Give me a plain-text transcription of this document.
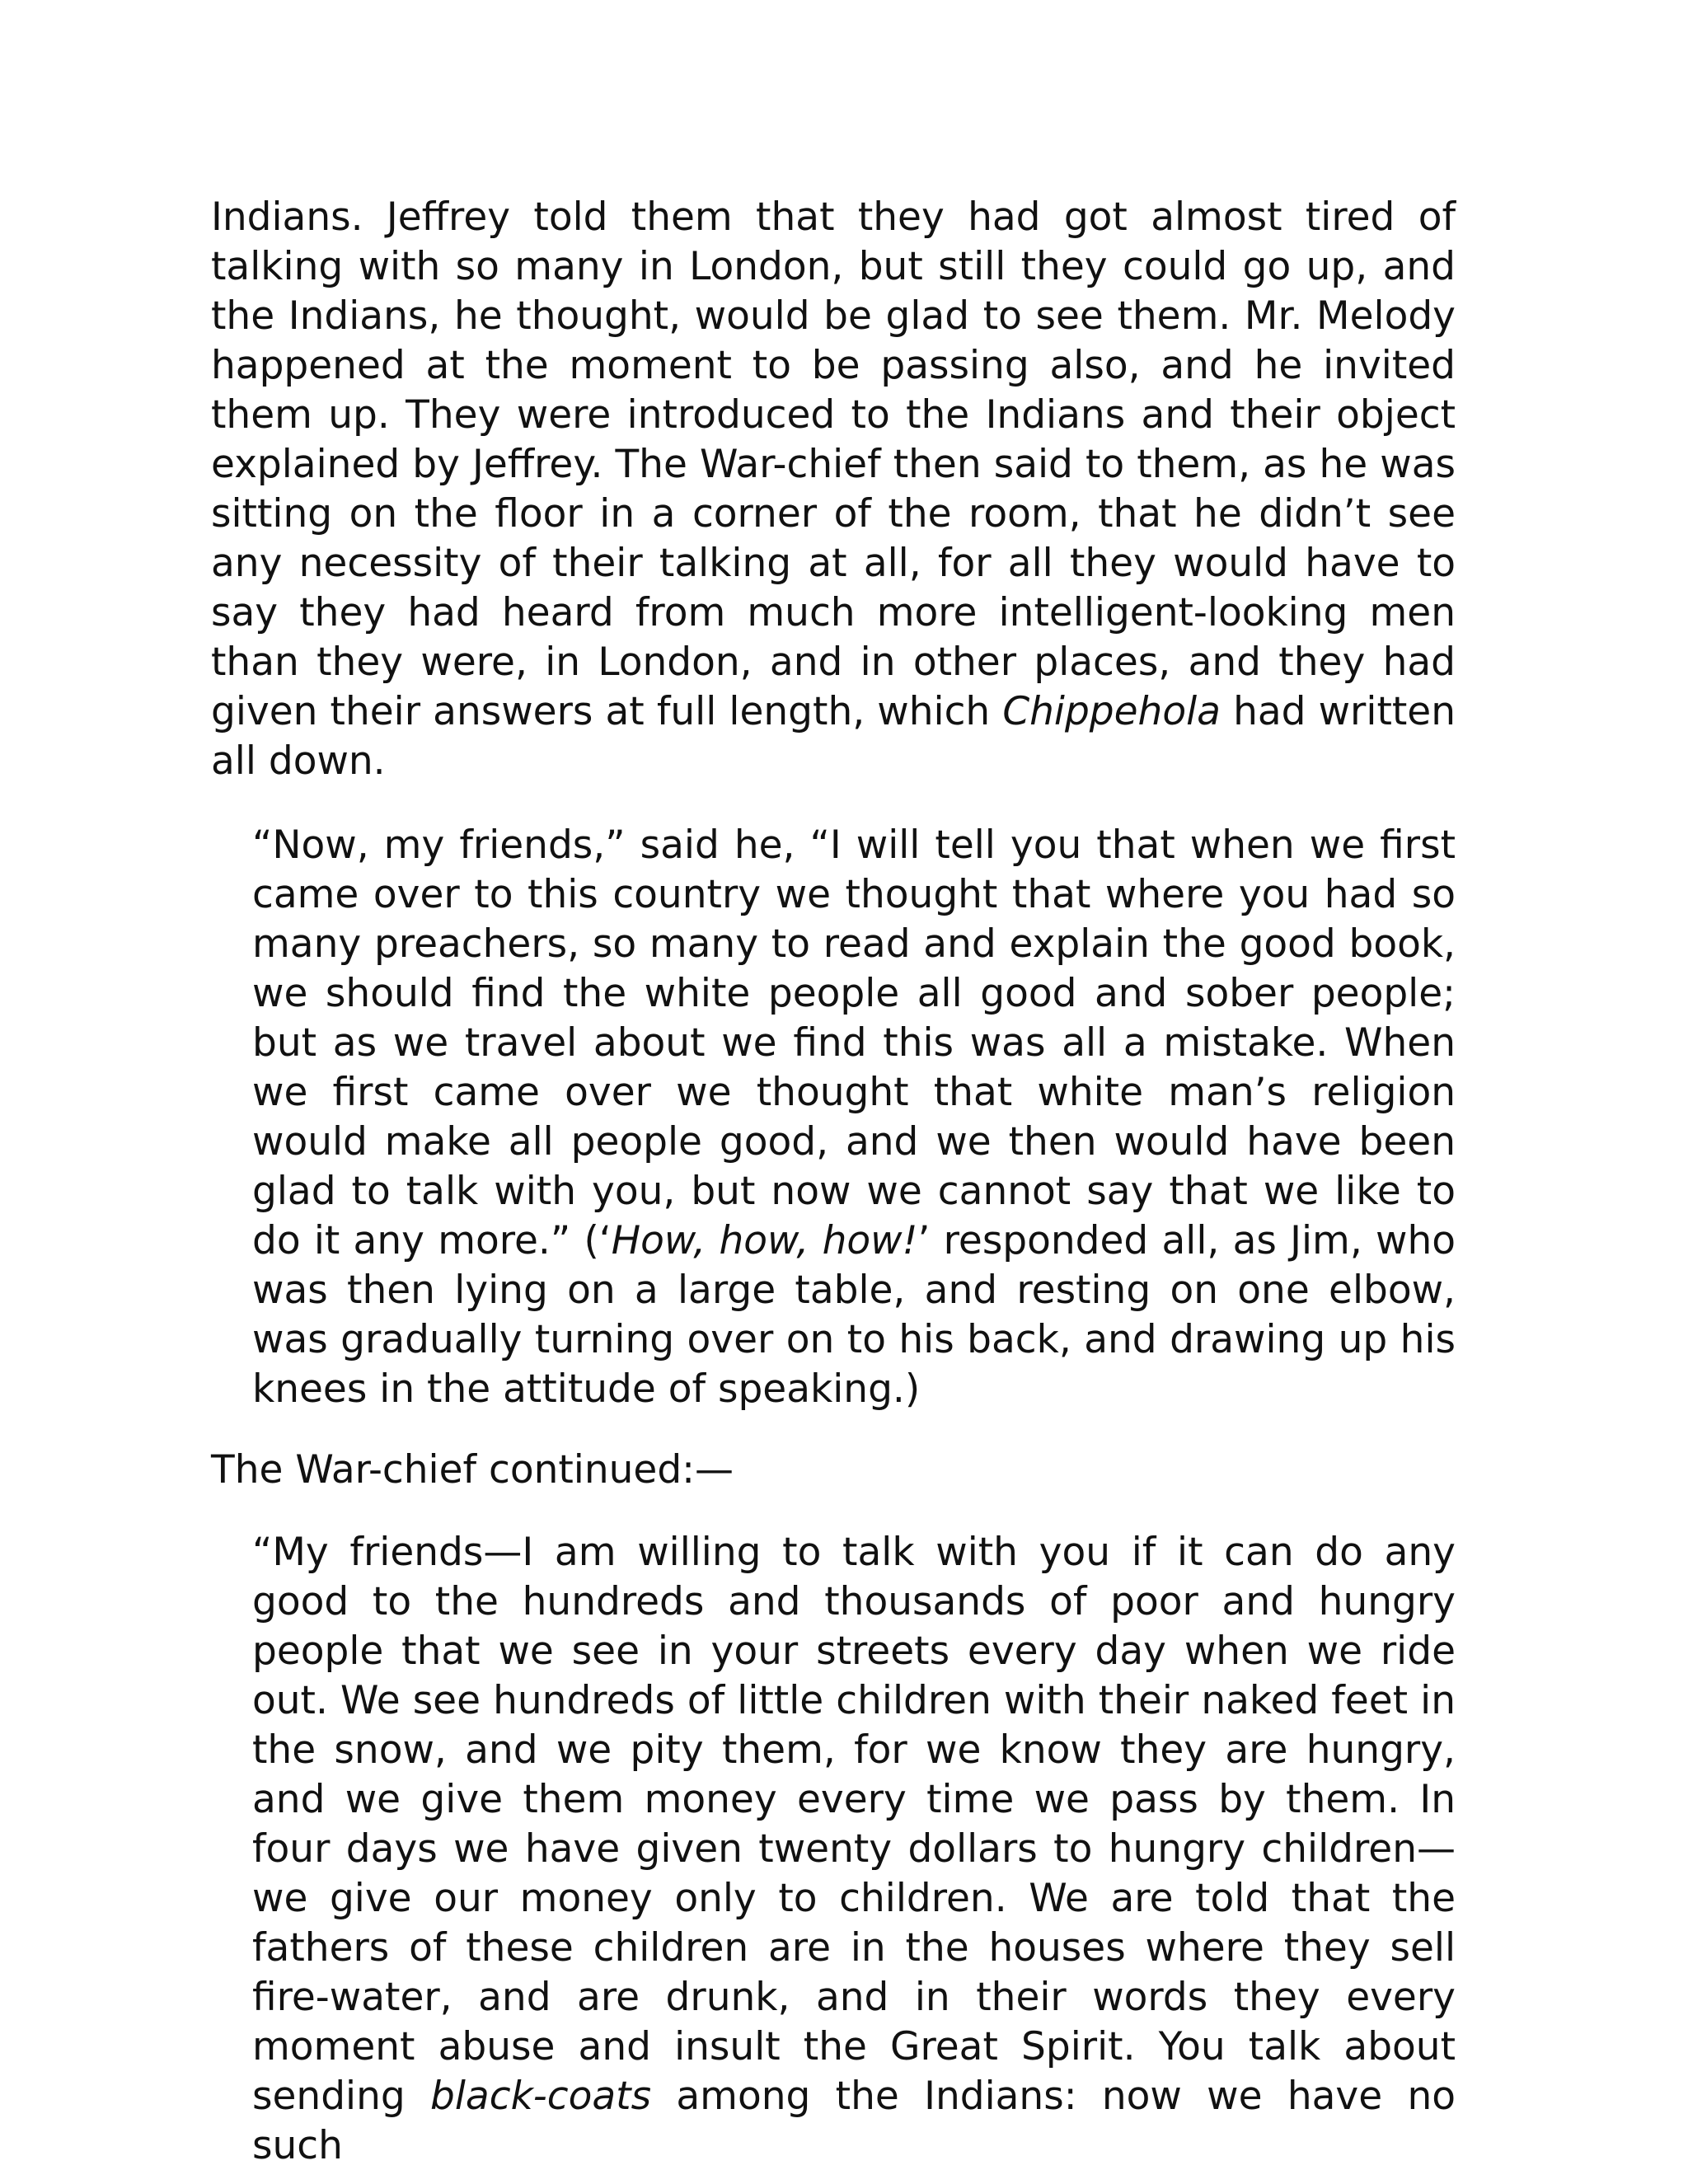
Indians. Jeffrey told them that they had got almost tired of talking with so many in London, but still they could go up, and the Indians, he thought, would be glad to see them. Mr. Melody happened at the moment to be passing also, and he invited them up. They were introduced to the Indians and their object explained by Jeffrey. The War-chief then said to them, as he was sitting on the floor in a corner of the room, that he didn’t see any necessity of their talking at all, for all they would have to say they had heard from much more intelligent-looking men than they were, in London, and in other places, and they had given their answers at full length, which Chippehola had written all down.

“Now, my friends,” said he, “I will tell you that when we first came over to this country we thought that where you had so many preachers, so many to read and explain the good book, we should find the white people all good and sober people; but as we travel about we find this was all a mistake. When we first came over we thought that white man’s religion would make all people good, and we then would have been glad to talk with you, but now we cannot say that we like to do it any more.” (‘How, how, how!’ responded all, as Jim, who was then lying on a large table, and resting on one elbow, was gradually turning over on to his back, and drawing up his knees in the attitude of speaking.)

The War-chief continued:—

“My friends—I am willing to talk with you if it can do any good to the hundreds and thousands of poor and hungry people that we see in your streets every day when we ride out. We see hundreds of little children with their naked feet in the snow, and we pity them, for we know they are hungry, and we give them money every time we pass by them. In four days we have given twenty dollars to hungry children—we give our money only to children. We are told that the fathers of these children are in the houses where they sell fire-water, and are drunk, and in their words they every moment abuse and insult the Great Spirit. You talk about sending black-coats among the Indians: now we have no such
